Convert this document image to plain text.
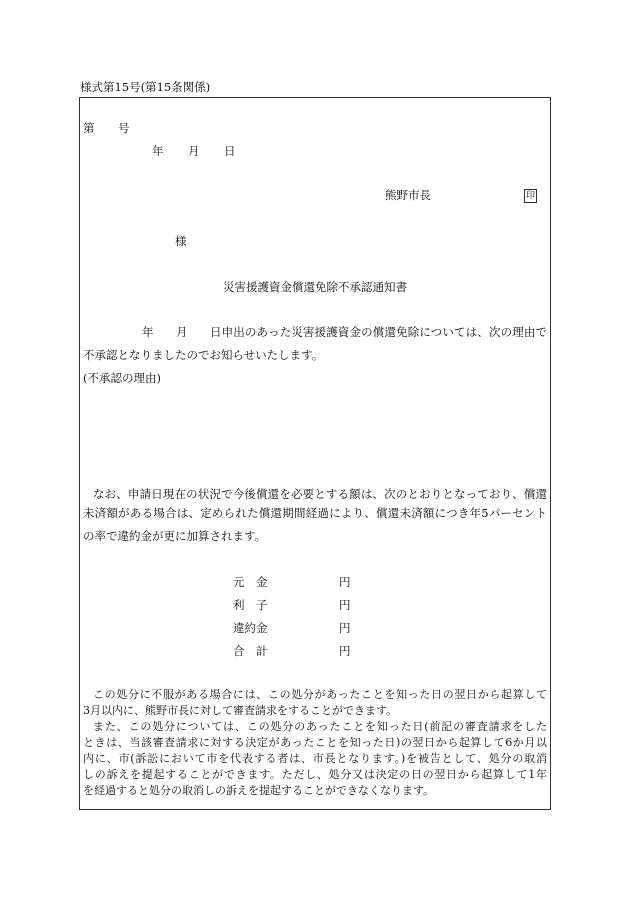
様式第15号(第15条関係)
第 号
年 月 日
熊野市長	印
様
災害援護資金償還免除不承認通知書
年 月 日申出のあった災害援護資金の償還免除については、次の理由で
不承認となりましたのでお知らせいたします。
(不承認の理由)
なお、申請日現在の状況で今後償還を必要とする額は、次のとおりとなっており、償還
未済額がある場合は、定められた償還期間経過により、償還未済額につき年5パーセント
の率で違約金が更に加算されます。
元　金	円
利　子	円
違約金	円
合　計	円
この処分に不服がある場合には、この処分があったことを知った日の翌日から起算して
3月以内に、熊野市長に対して審査請求をすることができます。
また、この処分については、この処分のあったことを知った日(前記の審査請求をした
ときは、当該審査請求に対する決定があったことを知った日)の翌日から起算して6か月以
内に、市(訴訟において市を代表する者は、市長となります。)を被告として、処分の取消
しの訴えを提起することができます。ただし、処分又は決定の日の翌日から起算して1年
を経過すると処分の取消しの訴えを提起することができなくなります。
